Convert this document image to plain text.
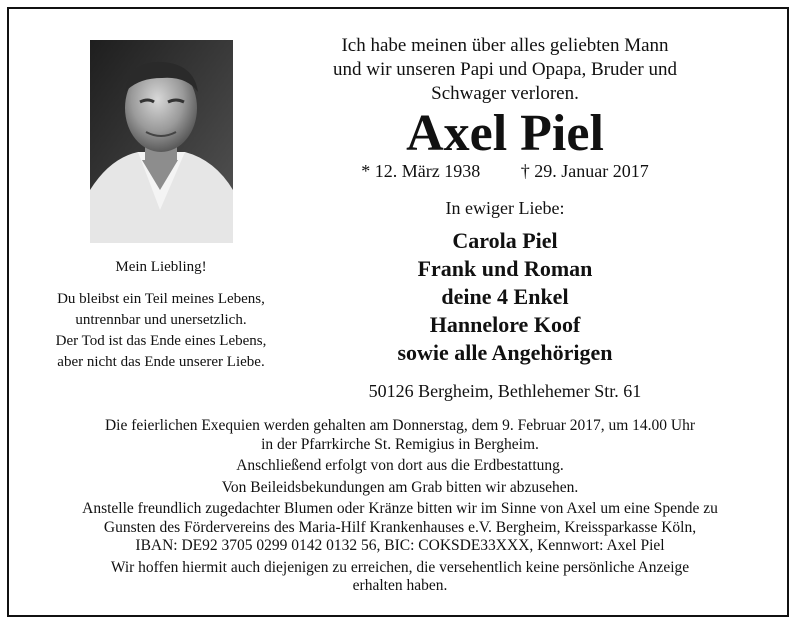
Mein Liebling!
Du bleibst ein Teil meines Lebens,
untrennbar und unersetzlich.
Der Tod ist das Ende eines Lebens,
aber nicht das Ende unserer Liebe.
Ich habe meinen über alles geliebten Mann
und wir unseren Papi und Opapa, Bruder und
Schwager verloren.
Axel Piel
* 12. März 1938 † 29. Januar 2017
In ewiger Liebe:
Carola Piel
Frank und Roman
deine 4 Enkel
Hannelore Koof
sowie alle Angehörigen
50126 Bergheim, Bethlehemer Str. 61

Die feierlichen Exequien werden gehalten am Donnerstag, dem 9. Februar 2017, um 14.00 Uhr

in der Pfarrkirche St. Remigius in Bergheim.

Anschließend erfolgt von dort aus die Erdbestattung.

Von Beileidsbekundungen am Grab bitten wir abzusehen.

Anstelle freundlich zugedachter Blumen oder Kränze bitten wir im Sinne von Axel um eine Spende zu

Gunsten des Fördervereins des Maria-Hilf Krankenhauses e.V. Bergheim, Kreissparkasse Köln,

IBAN: DE92 3705 0299 0142 0132 56, BIC: COKSDE33XXX, Kennwort: Axel Piel

Wir hoffen hiermit auch diejenigen zu erreichen, die versehentlich keine persönliche Anzeige

erhalten haben.
